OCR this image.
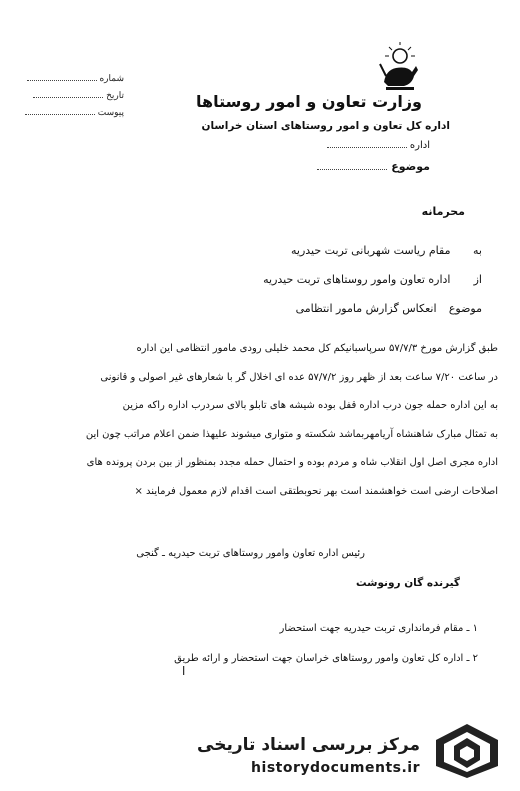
وزارت تعاون و امور روستاها
اداره کل تعاون و امور روستاهای استان خراسان
اداره
موضوع
شماره
تاریخ
پیوست
محرمانه
به مقام ریاست شهربانی تربت حیدریه
از اداره تعاون وامور روستاهای تربت حیدریه
موضوع انعکاس گزارش مامور انتظامی
طبق گزارش مورخ ۵۷/۷/۳ سرپاسبانیکم کل محمد خلیلی رودی مامور انتظامی این اداره
در ساعت ۷/۲۰ ساعت بعد از ظهر روز ۵۷/۷/۲ عده ای اخلال گر با شعارهای غیر اصولی و قانونی
به این اداره حمله جون درب اداره قفل بوده شیشه های تابلو بالای سردرب اداره راکه مزین
به تمثال مبارک شاهنشاه آریامهربماشد شکسته و متواری میشوند علیهذا ضمن اعلام مراتب چون این
اداره مجری اصل اول انقلاب شاه و مردم بوده و احتمال حمله مجدد بمنظور از بین بردن پرونده های
اصلاحات ارضی است خواهشمند است بهر نحوبطتقی است اقدام لازم معمول فرمایند ×
رئیس اداره تعاون وامور روستاهای تربت حیدریه ـ گنجی
گیرنده گان رونوشت
۱ ـ مقام فرمانداری تربت حیدریه جهت استحضار
۲ ـ اداره کل تعاون وامور روستاهای خراسان جهت استحضار و ارائه طریق
ا
مرکز بررسی اسناد تاریخی
historydocuments.ir
